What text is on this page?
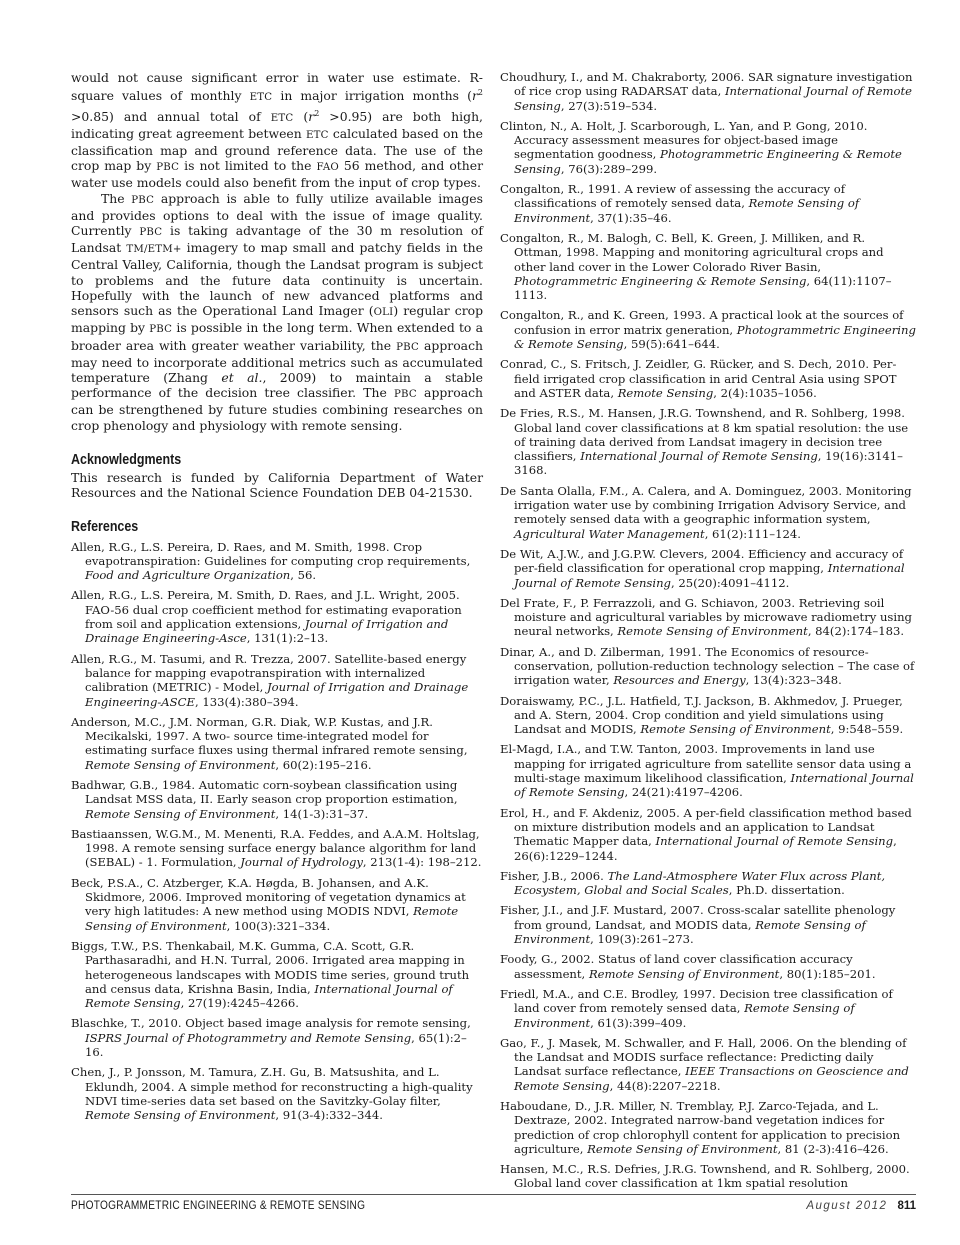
would not cause significant error in water use estimate. R-square values of monthly ETC in major irrigation months $(r^2 >0.85)$ and annual total of ETC $(r^2 >0.95)$ are both high, indicating great agreement between ETC calculated based on the classification map and ground reference data. The use of the crop map by PBC is not limited to the FAO 56 method, and other water use models could also benefit from the input of crop types.

The PBC approach is able to fully utilize available images and provides options to deal with the issue of image quality. Currently PBC is taking advantage of the 30 m resolution of Landsat TM/ETM+ imagery to map small and patchy fields in the Central Valley, California, though the Landsat program is subject to problems and the future data continuity is uncertain. Hopefully with the launch of new advanced platforms and sensors such as the Operational Land Imager (OLI) regular crop mapping by PBC is possible in the long term. When extended to a broader area with greater weather variability, the PBC approach may need to incorporate additional metrics such as accumulated temperature (Zhang et al., 2009) to maintain a stable performance of the decision tree classifier. The PBC approach can be strengthened by future studies combining researches on crop phenology and physiology with remote sensing.

Acknowledgments

This research is funded by California Department of Water Resources and the National Science Foundation DEB 04-21530.

References

Allen, R.G., L.S. Pereira, D. Raes, and M. Smith, 1998. Crop evapotranspiration: Guidelines for computing crop requirements, Food and Agriculture Organization, 56.

Allen, R.G., L.S. Pereira, M. Smith, D. Raes, and J.L. Wright, 2005. FAO-56 dual crop coefficient method for estimating evaporation from soil and application extensions, Journal of Irrigation and Drainage Engineering-Asce, 131(1):2–13.

Allen, R.G., M. Tasumi, and R. Trezza, 2007. Satellite-based energy balance for mapping evapotranspiration with internalized calibration (METRIC) - Model, Journal of Irrigation and Drainage Engineering-ASCE, 133(4):380–394.

Anderson, M.C., J.M. Norman, G.R. Diak, W.P. Kustas, and J.R. Mecikalski, 1997. A two- source time-integrated model for estimating surface fluxes using thermal infrared remote sensing, Remote Sensing of Environment, 60(2):195–216.

Badhwar, G.B., 1984. Automatic corn-soybean classification using Landsat MSS data, II. Early season crop proportion estimation, Remote Sensing of Environment, 14(1-3):31–37.

Bastiaanssen, W.G.M., M. Menenti, R.A. Feddes, and A.A.M. Holtslag, 1998. A remote sensing surface energy balance algorithm for land (SEBAL) - 1. Formulation, Journal of Hydrology, 213(1-4): 198–212.

Beck, P.S.A., C. Atzberger, K.A. Høgda, B. Johansen, and A.K. Skidmore, 2006. Improved monitoring of vegetation dynamics at very high latitudes: A new method using MODIS NDVI, Remote Sensing of Environment, 100(3):321–334.

Biggs, T.W., P.S. Thenkabail, M.K. Gumma, C.A. Scott, G.R. Parthasaradhi, and H.N. Turral, 2006. Irrigated area mapping in heterogeneous landscapes with MODIS time series, ground truth and census data, Krishna Basin, India, International Journal of Remote Sensing, 27(19):4245–4266.

Blaschke, T., 2010. Object based image analysis for remote sensing, ISPRS Journal of Photogrammetry and Remote Sensing, 65(1):2–16.

Chen, J., P. Jonsson, M. Tamura, Z.H. Gu, B. Matsushita, and L. Eklundh, 2004. A simple method for reconstructing a high-quality NDVI time-series data set based on the Savitzky-Golay filter, Remote Sensing of Environment, 91(3-4):332–344.

Choudhury, I., and M. Chakraborty, 2006. SAR signature investigation of rice crop using RADARSAT data, International Journal of Remote Sensing, 27(3):519–534.

Clinton, N., A. Holt, J. Scarborough, L. Yan, and P. Gong, 2010. Accuracy assessment measures for object-based image segmentation goodness, Photogrammetric Engineering & Remote Sensing, 76(3):289–299.

Congalton, R., 1991. A review of assessing the accuracy of classifications of remotely sensed data, Remote Sensing of Environment, 37(1):35–46.

Congalton, R., M. Balogh, C. Bell, K. Green, J. Milliken, and R. Ottman, 1998. Mapping and monitoring agricultural crops and other land cover in the Lower Colorado River Basin, Photogrammetric Engineering & Remote Sensing, 64(11):1107–1113.

Congalton, R., and K. Green, 1993. A practical look at the sources of confusion in error matrix generation, Photogrammetric Engineering & Remote Sensing, 59(5):641–644.

Conrad, C., S. Fritsch, J. Zeidler, G. Rücker, and S. Dech, 2010. Per-field irrigated crop classification in arid Central Asia using SPOT and ASTER data, Remote Sensing, 2(4):1035–1056.

De Fries, R.S., M. Hansen, J.R.G. Townshend, and R. Sohlberg, 1998. Global land cover classifications at 8 km spatial resolution: the use of training data derived from Landsat imagery in decision tree classifiers, International Journal of Remote Sensing, 19(16):3141–3168.

De Santa Olalla, F.M., A. Calera, and A. Dominguez, 2003. Monitoring irrigation water use by combining Irrigation Advisory Service, and remotely sensed data with a geographic information system, Agricultural Water Management, 61(2):111–124.

De Wit, A.J.W., and J.G.P.W. Clevers, 2004. Efficiency and accuracy of per-field classification for operational crop mapping, International Journal of Remote Sensing, 25(20):4091–4112.

Del Frate, F., P. Ferrazzoli, and G. Schiavon, 2003. Retrieving soil moisture and agricultural variables by microwave radiometry using neural networks, Remote Sensing of Environment, 84(2):174–183.

Dinar, A., and D. Zilberman, 1991. The Economics of resource-conservation, pollution-reduction technology selection – The case of irrigation water, Resources and Energy, 13(4):323–348.

Doraiswamy, P.C., J.L. Hatfield, T.J. Jackson, B. Akhmedov, J. Prueger, and A. Stern, 2004. Crop condition and yield simulations using Landsat and MODIS, Remote Sensing of Environment, 9:548–559.

El-Magd, I.A., and T.W. Tanton, 2003. Improvements in land use mapping for irrigated agriculture from satellite sensor data using a multi-stage maximum likelihood classification, International Journal of Remote Sensing, 24(21):4197–4206.

Erol, H., and F. Akdeniz, 2005. A per-field classification method based on mixture distribution models and an application to Landsat Thematic Mapper data, International Journal of Remote Sensing, 26(6):1229–1244.

Fisher, J.B., 2006. The Land-Atmosphere Water Flux across Plant, Ecosystem, Global and Social Scales, Ph.D. dissertation.

Fisher, J.I., and J.F. Mustard, 2007. Cross-scalar satellite phenology from ground, Landsat, and MODIS data, Remote Sensing of Environment, 109(3):261–273.

Foody, G., 2002. Status of land cover classification accuracy assessment, Remote Sensing of Environment, 80(1):185–201.

Friedl, M.A., and C.E. Brodley, 1997. Decision tree classification of land cover from remotely sensed data, Remote Sensing of Environment, 61(3):399–409.

Gao, F., J. Masek, M. Schwaller, and F. Hall, 2006. On the blending of the Landsat and MODIS surface reflectance: Predicting daily Landsat surface reflectance, IEEE Transactions on Geoscience and Remote Sensing, 44(8):2207–2218.

Haboudane, D., J.R. Miller, N. Tremblay, P.J. Zarco-Tejada, and L. Dextraze, 2002. Integrated narrow-band vegetation indices for prediction of crop chlorophyll content for application to precision agriculture, Remote Sensing of Environment, 81 (2-3):416–426.

Hansen, M.C., R.S. Defries, J.R.G. Townshend, and R. Sohlberg, 2000. Global land cover classification at 1km spatial resolution

PHOTOGRAMMETRIC ENGINEERING & REMOTE SENSING	August 2012 811
